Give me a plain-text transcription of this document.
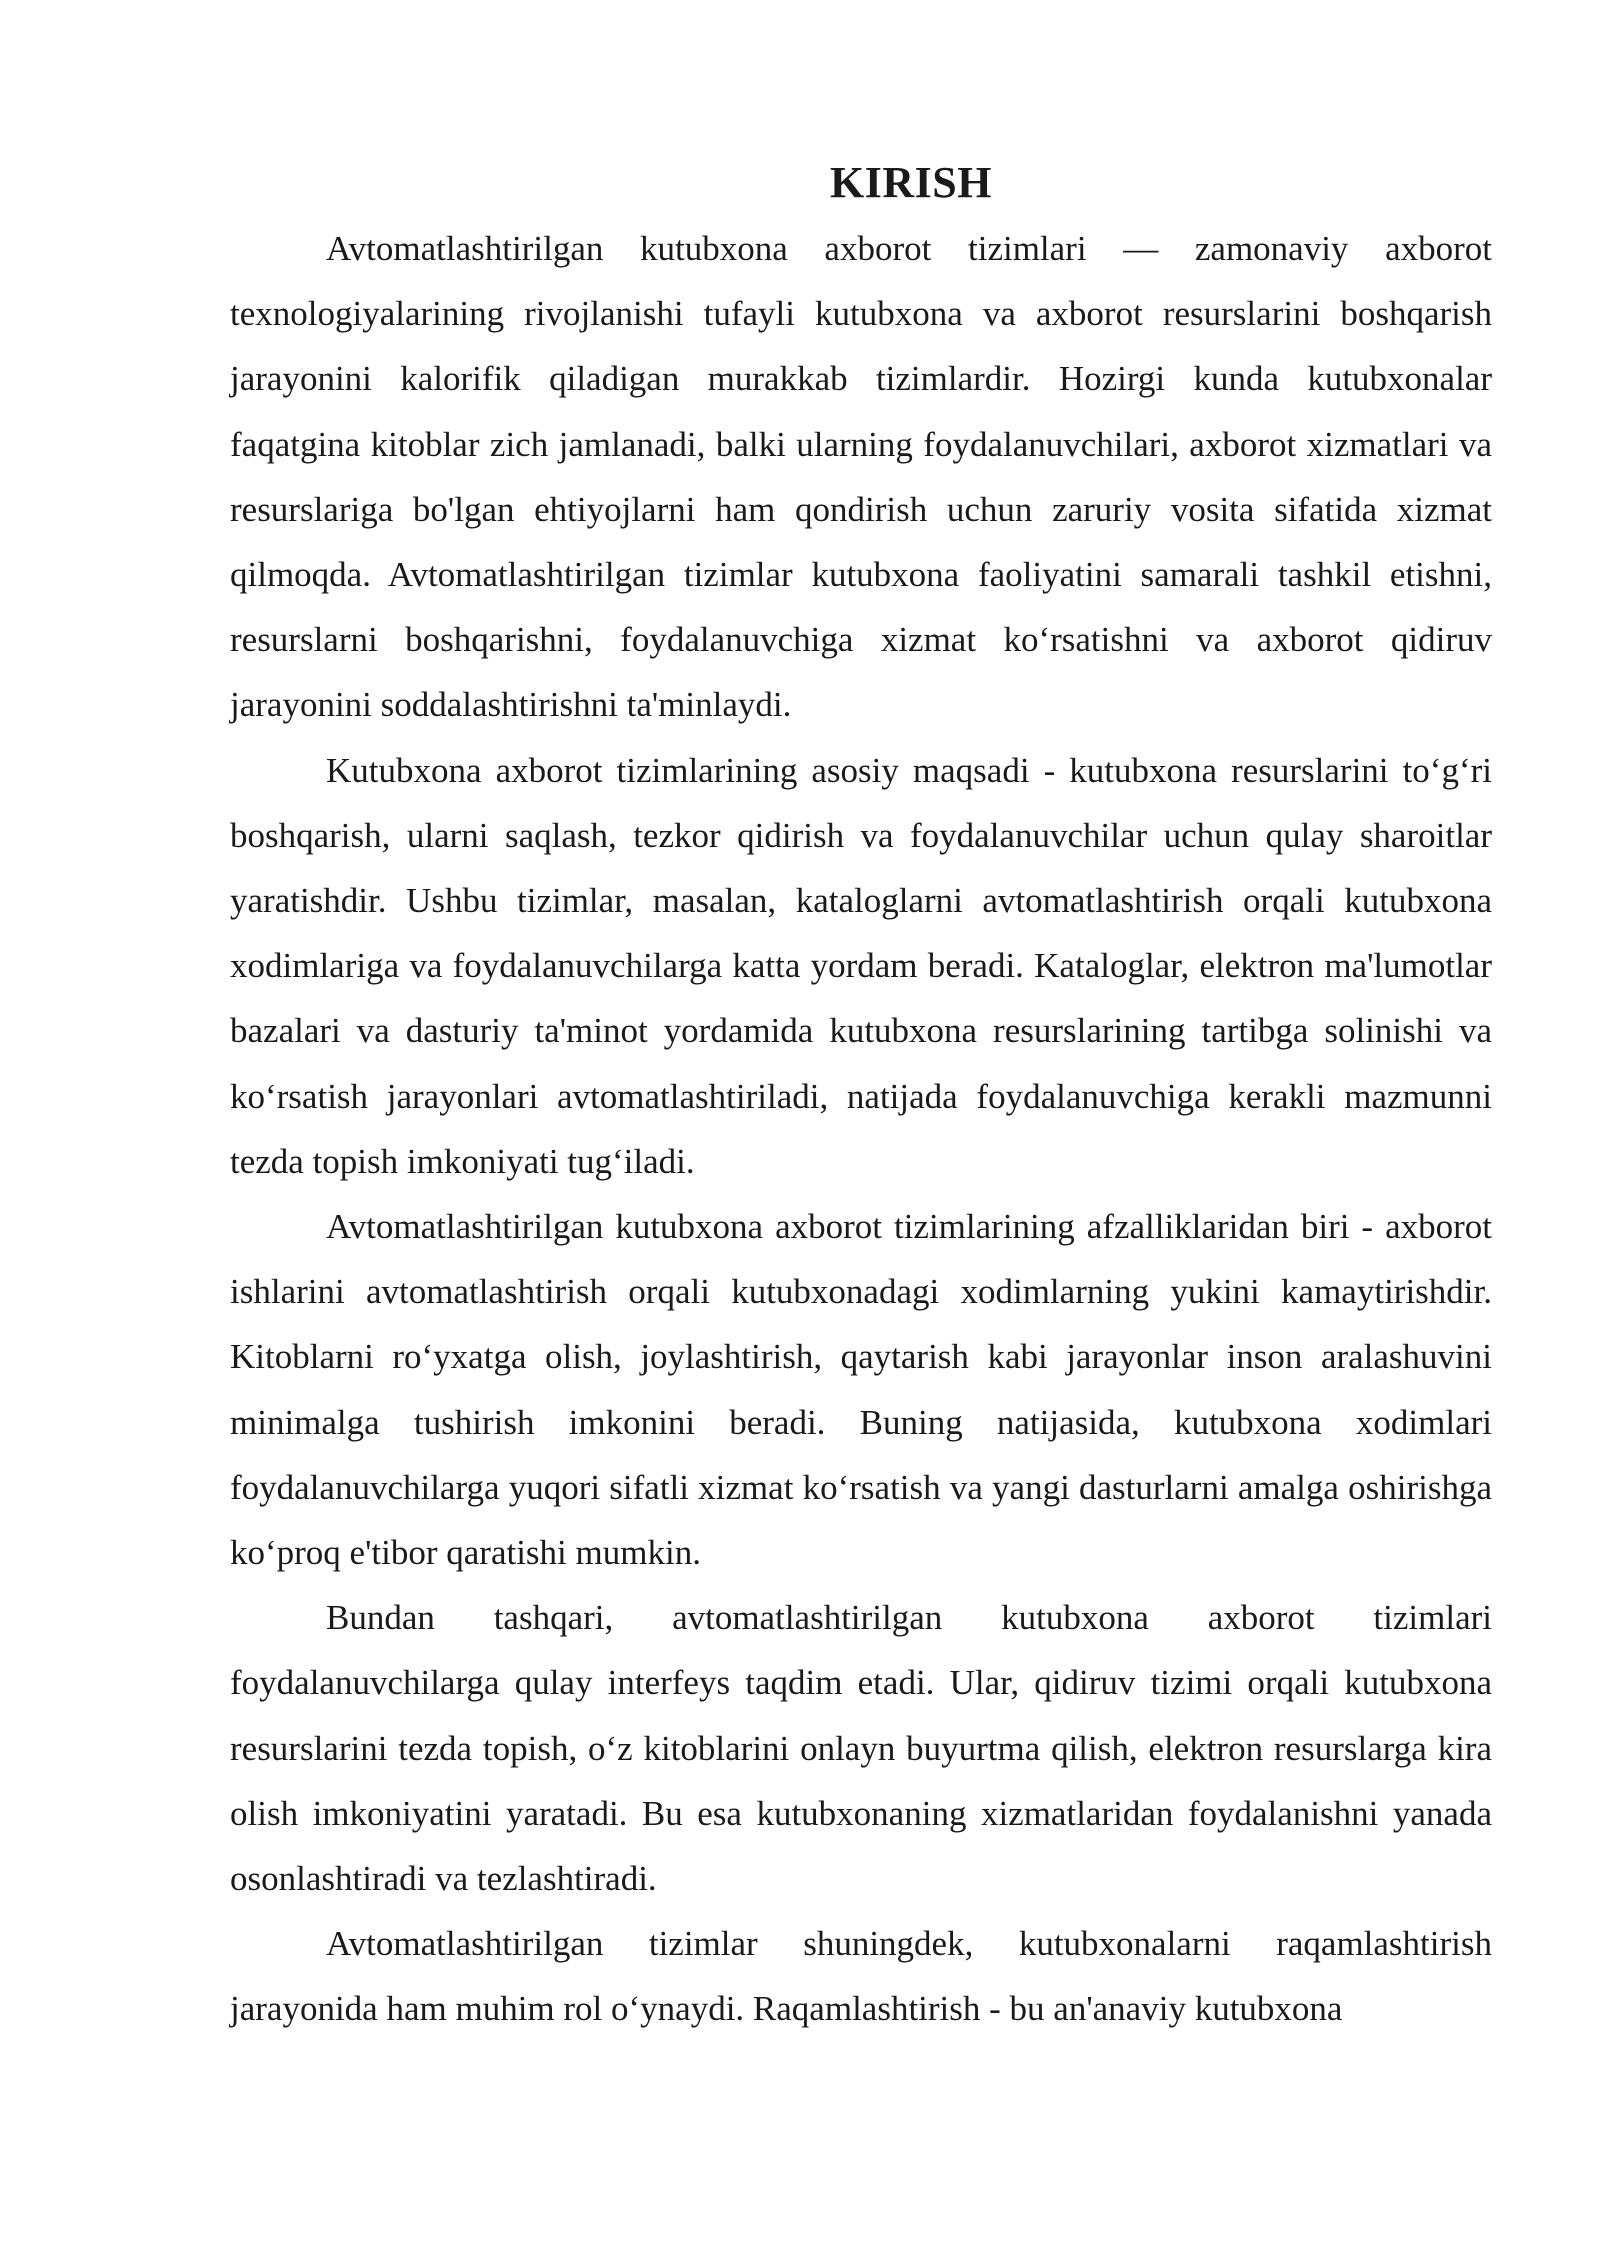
KIRISH

Avtomatlashtirilgan kutubxona axborot tizimlari — zamonaviy axborot texnologiyalarining rivojlanishi tufayli kutubxona va axborot resurslarini boshqarish jarayonini kalorifik qiladigan murakkab tizimlardir. Hozirgi kunda kutubxonalar faqatgina kitoblar zich jamlanadi, balki ularning foydalanuvchilari, axborot xizmatlari va resurslariga bo'lgan ehtiyojlarni ham qondirish uchun zaruriy vosita sifatida xizmat qilmoqda. Avtomatlashtirilgan tizimlar kutubxona faoliyatini samarali tashkil etishni, resurslarni boshqarishni, foydalanuvchiga xizmat ko‘rsatishni va axborot qidiruv jarayonini soddalashtirishni ta'minlaydi.

Kutubxona axborot tizimlarining asosiy maqsadi - kutubxona resurslarini to‘g‘ri boshqarish, ularni saqlash, tezkor qidirish va foydalanuvchilar uchun qulay sharoitlar yaratishdir. Ushbu tizimlar, masalan, kataloglarni avtomatlashtirish orqali kutubxona xodimlariga va foydalanuvchilarga katta yordam beradi. Kataloglar, elektron ma'lumotlar bazalari va dasturiy ta'minot yordamida kutubxona resurslarining tartibga solinishi va ko‘rsatish jarayonlari avtomatlashtiriladi, natijada foydalanuvchiga kerakli mazmunni tezda topish imkoniyati tug‘iladi.

Avtomatlashtirilgan kutubxona axborot tizimlarining afzalliklaridan biri - axborot ishlarini avtomatlashtirish orqali kutubxonadagi xodimlarning yukini kamaytirishdir. Kitoblarni ro‘yxatga olish, joylashtirish, qaytarish kabi jarayonlar inson aralashuvini minimalga tushirish imkonini beradi. Buning natijasida, kutubxona xodimlari foydalanuvchilarga yuqori sifatli xizmat ko‘rsatish va yangi dasturlarni amalga oshirishga ko‘proq e'tibor qaratishi mumkin.

Bundan tashqari, avtomatlashtirilgan kutubxona axborot tizimlari foydalanuvchilarga qulay interfeys taqdim etadi. Ular, qidiruv tizimi orqali kutubxona resurslarini tezda topish, o‘z kitoblarini onlayn buyurtma qilish, elektron resurslarga kira olish imkoniyatini yaratadi. Bu esa kutubxonaning xizmatlaridan foydalanishni yanada osonlashtiradi va tezlashtiradi.

Avtomatlashtirilgan tizimlar shuningdek, kutubxonalarni raqamlashtirish jarayonida ham muhim rol o‘ynaydi. Raqamlashtirish - bu an'anaviy kutubxona
